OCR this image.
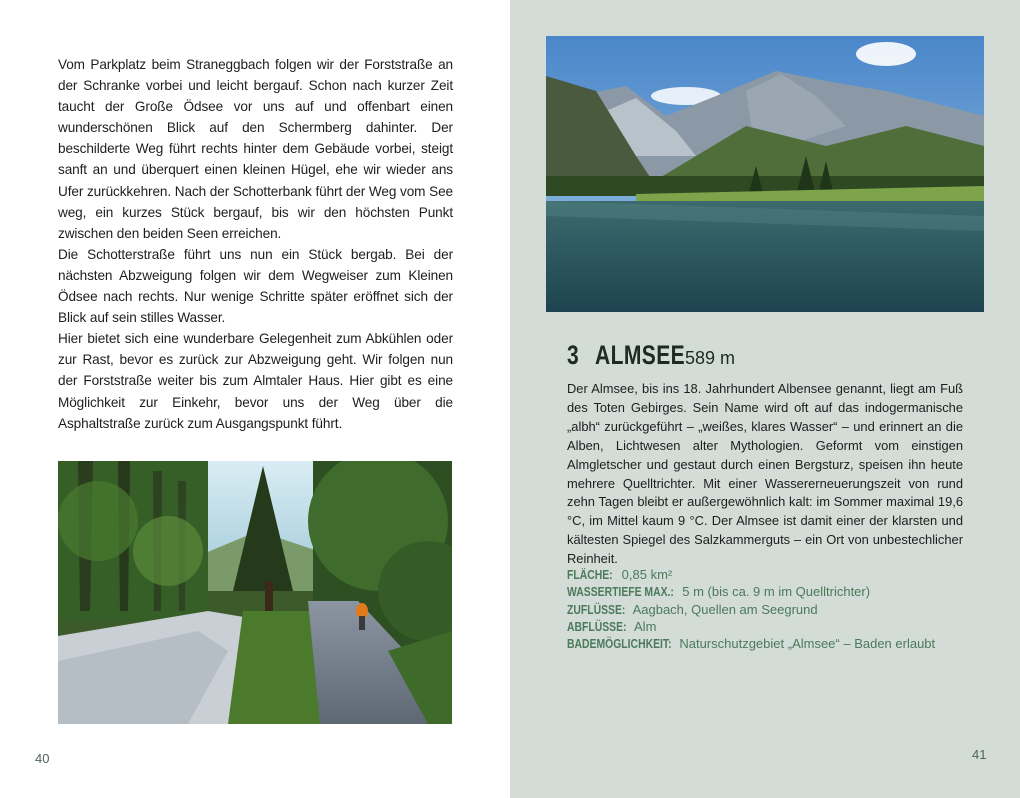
Vom Parkplatz beim Straneggbach folgen wir der Forststraße an der Schranke vorbei und leicht bergauf. Schon nach kurzer Zeit taucht der Große Ödsee vor uns auf und offenbart einen wunderschönen Blick auf den Schermberg dahinter. Der beschilderte Weg führt rechts hinter dem Gebäude vorbei, steigt sanft an und überquert einen kleinen Hügel, ehe wir wieder ans Ufer zurückkehren. Nach der Schotterbank führt der Weg vom See weg, ein kurzes Stück bergauf, bis wir den höchsten Punkt zwischen den beiden Seen erreichen.

Die Schotterstraße führt uns nun ein Stück bergab. Bei der nächsten Abzweigung folgen wir dem Wegweiser zum Kleinen Ödsee nach rechts. Nur wenige Schritte später eröffnet sich der Blick auf sein stilles Wasser.

Hier bietet sich eine wunderbare Gelegenheit zum Abkühlen oder zur Rast, bevor es zurück zur Abzweigung geht. Wir folgen nun der Forststraße weiter bis zum Almtaler Haus. Hier gibt es eine Möglichkeit zur Einkehr, bevor uns der Weg über die Asphaltstraße zurück zum Ausgangspunkt führt.

40
3 ALMSEE 589 m
Der Almsee, bis ins 18. Jahrhundert Albensee genannt, liegt am Fuß des Toten Gebirges. Sein Name wird oft auf das indogermanische „albh“ zurückgeführt – „weißes, klares Wasser“ – und erinnert an die Alben, Lichtwesen alter Mythologien. Geformt vom einstigen Almgletscher und gestaut durch einen Bergsturz, speisen ihn heute mehrere Quelltrichter. Mit einer Wassererneuerungszeit von rund zehn Tagen bleibt er außergewöhnlich kalt: im Sommer maximal 19,6 °C, im Mittel kaum 9 °C. Der Almsee ist damit einer der klarsten und kältesten Spiegel des Salzkammerguts – ein Ort von unbestechlicher Reinheit.
FLÄCHE: 0,85 km²
WASSERTIEFE MAX.: 5 m (bis ca. 9 m im Quelltrichter)
ZUFLÜSSE: Aagbach, Quellen am Seegrund
ABFLÜSSE: Alm
BADEMÖGLICHKEIT: Naturschutzgebiet „Almsee“ – Baden erlaubt
41
